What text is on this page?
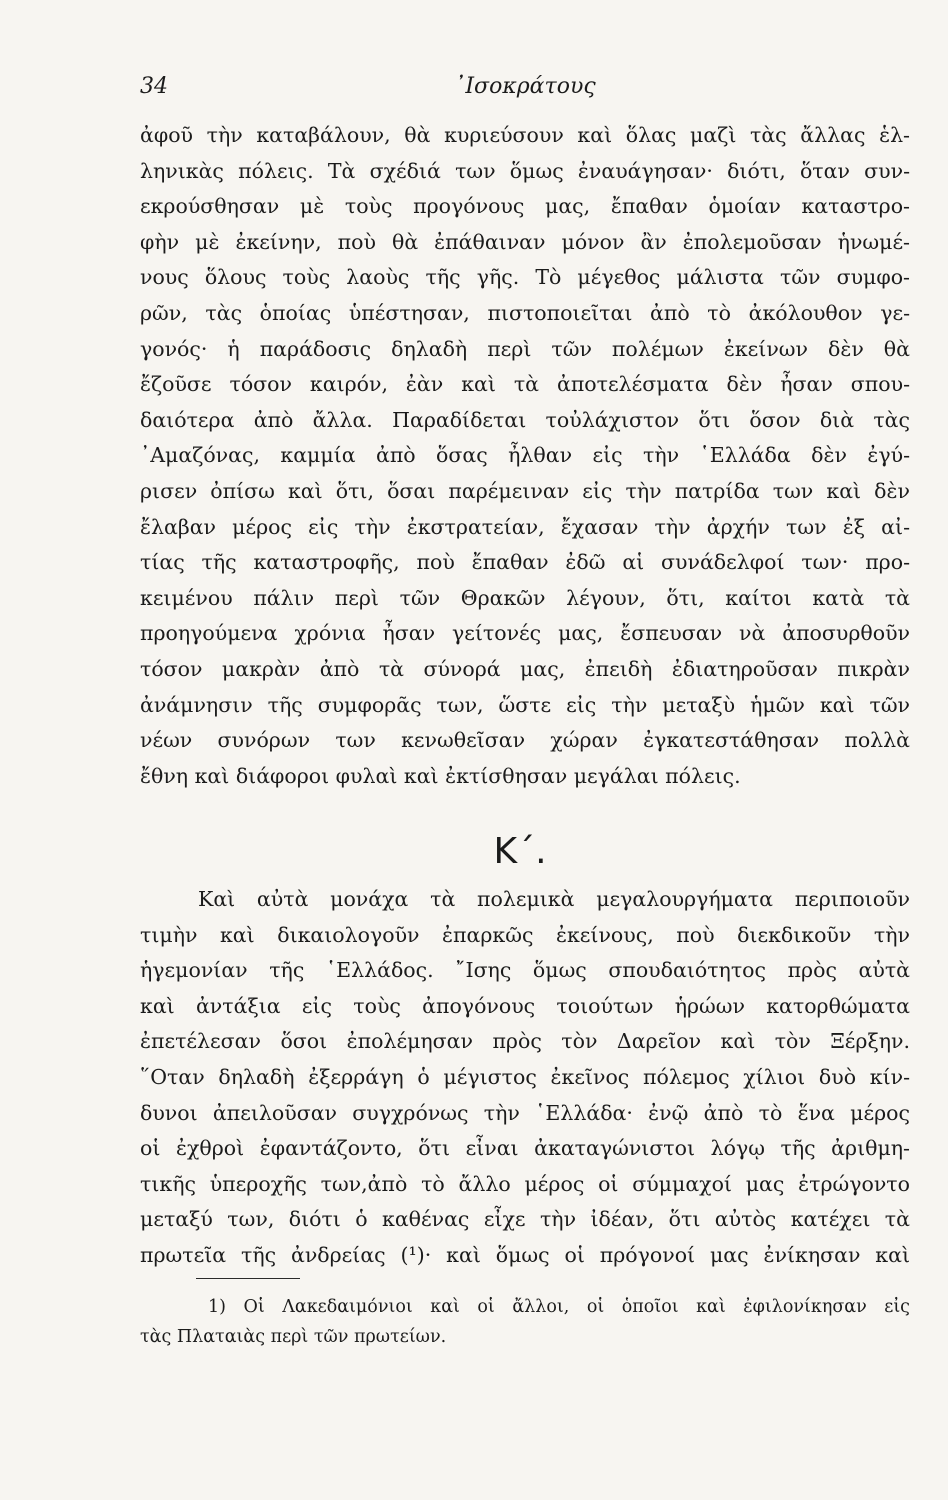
34	᾿Ισοκράτους
ἀφοῦ τὴν καταβάλουν, θὰ κυριεύσουν καὶ ὅλας μαζὶ τὰς ἄλλας ἑλ-
ληνικὰς πόλεις. Τὰ σχέδιά των ὅμως ἐναυάγησαν· διότι, ὅταν συν-
εκρούσθησαν μὲ τοὺς προγόνους μας, ἔπαθαν ὁμοίαν καταστρο-
φὴν μὲ ἐκείνην, ποὺ θὰ ἐπάθαιναν μόνον ἂν ἐπολεμοῦσαν ἡνωμέ-
νους ὅλους τοὺς λαοὺς τῆς γῆς. Τὸ μέγεθος μάλιστα τῶν συμφο-
ρῶν, τὰς ὁποίας ὑπέστησαν, πιστοποιεῖται ἀπὸ τὸ ἀκόλουθον γε-
γονός· ἡ παράδοσις δηλαδὴ περὶ τῶν πολέμων ἐκείνων δὲν θὰ
ἔζοῦσε τόσον καιρόν, ἐὰν καὶ τὰ ἀποτελέσματα δὲν ἦσαν σπου-
δαιότερα ἀπὸ ἄλλα. Παραδίδεται τοὐλάχιστον ὅτι ὅσον διὰ τὰς
᾿Αμαζόνας, καμμία ἀπὸ ὅσας ἦλθαν εἰς τὴν ῾Ελλάδα δὲν ἐγύ-
ρισεν ὀπίσω καὶ ὅτι, ὅσαι παρέμειναν εἰς τὴν πατρίδα των καὶ δὲν
ἔλαβαν μέρος εἰς τὴν ἐκστρατείαν, ἔχασαν τὴν ἀρχήν των ἐξ αἰ-
τίας τῆς καταστροφῆς, ποὺ ἔπαθαν ἐδῶ αἱ συνάδελφοί των· προ-
κειμένου πάλιν περὶ τῶν Θρακῶν λέγουν, ὅτι, καίτοι κατὰ τὰ
προηγούμενα χρόνια ἦσαν γείτονές μας, ἔσπευσαν νὰ ἀποσυρθοῦν
τόσον μακρὰν ἀπὸ τὰ σύνορά μας, ἐπειδὴ ἐδιατηροῦσαν πικρὰν
ἀνάμνησιν τῆς συμφορᾶς των, ὥστε εἰς τὴν μεταξὺ ἡμῶν καὶ τῶν
νέων συνόρων των κενωθεῖσαν χώραν ἐγκατεστάθησαν πολλὰ
ἔθνη καὶ διάφοροι φυλαὶ καὶ ἐκτίσθησαν μεγάλαι πόλεις.
Κ΄.
Καὶ αὐτὰ μονάχα τὰ πολεμικὰ μεγαλουργήματα περιποιοῦν
τιμὴν καὶ δικαιολογοῦν ἐπαρκῶς ἐκείνους, ποὺ διεκδικοῦν τὴν
ἡγεμονίαν τῆς ῾Ελλάδος. ῎Ισης ὅμως σπουδαιότητος πρὸς αὐτὰ
καὶ ἀντάξια εἰς τοὺς ἀπογόνους τοιούτων ἡρώων κατορθώματα
ἐπετέλεσαν ὅσοι ἐπολέμησαν πρὸς τὸν Δαρεῖον καὶ τὸν Ξέρξην.
῞Οταν δηλαδὴ ἐξερράγη ὁ μέγιστος ἐκεῖνος πόλεμος χίλιοι δυὸ κίν-
δυνοι ἀπειλοῦσαν συγχρόνως τὴν ῾Ελλάδα· ἐνῷ ἀπὸ τὸ ἕνα μέρος
οἱ ἐχθροὶ ἐφαντάζοντο, ὅτι εἶναι ἀκαταγώνιστοι λόγῳ τῆς ἀριθμη-
τικῆς ὑπεροχῆς των,ἀπὸ τὸ ἄλλο μέρος οἱ σύμμαχοί μας ἐτρώγοντο
μεταξύ των, διότι ὁ καθένας εἶχε τὴν ἰδέαν, ὅτι αὐτὸς κατέχει τὰ
πρωτεῖα τῆς ἀνδρείας (¹)· καὶ ὅμως οἱ πρόγονοί μας ἐνίκησαν καὶ
1) Οἱ Λακεδαιμόνιοι καὶ οἱ ἄλλοι, οἱ ὁποῖοι καὶ ἐφιλονίκησαν εἰς
τὰς Πλαταιὰς περὶ τῶν πρωτείων.
